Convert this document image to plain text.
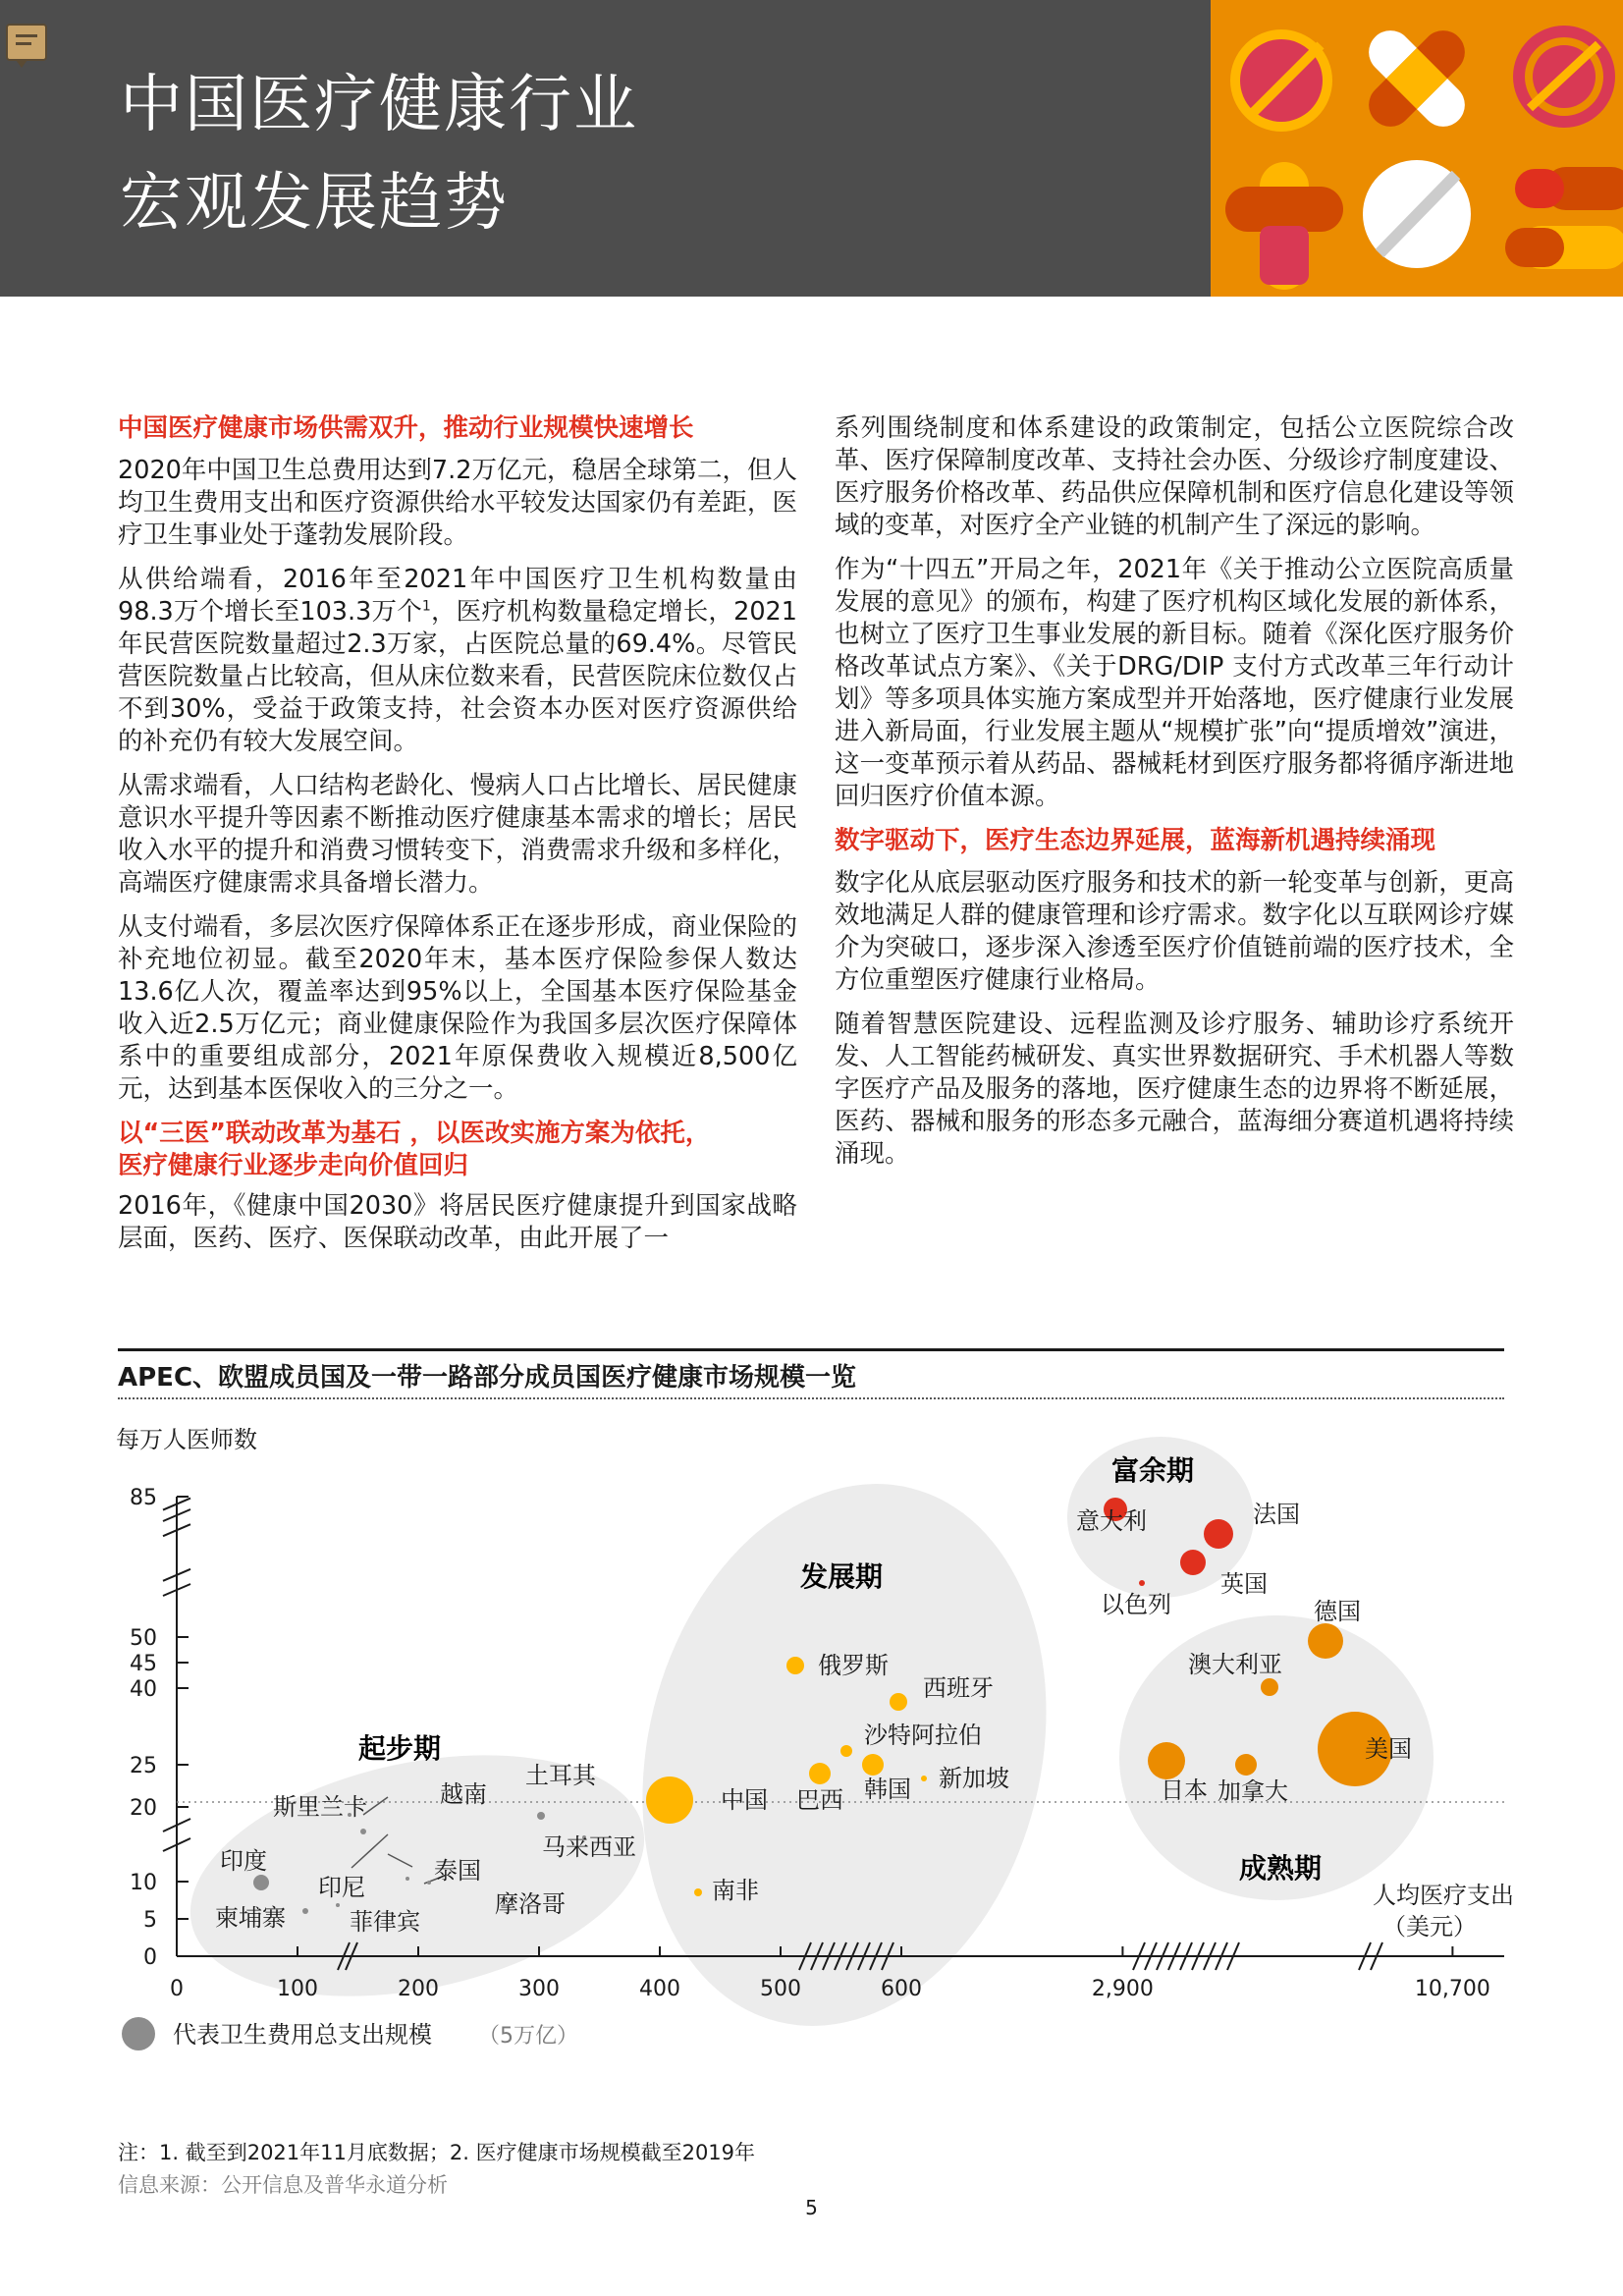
中国医疗健康行业
宏观发展趋势
中国医疗健康市场供需双升，推动行业规模快速增长

2020年中国卫生总费用达到7.2万亿元，稳居全球第二，但人均卫生费用支出和医疗资源供给水平较发达国家仍有差距，医疗卫生事业处于蓬勃发展阶段。

从供给端看，2016年至2021年中国医疗卫生机构数量由98.3万个增长至103.3万个$^1$，医疗机构数量稳定增长，2021年民营医院数量超过2.3万家，占医院总量的69.4%。尽管民营医院数量占比较高，但从床位数来看，民营医院床位数仅占不到30%，受益于政策支持，社会资本办医对医疗资源供给的补充仍有较大发展空间。

从需求端看，人口结构老龄化、慢病人口占比增长、居民健康意识水平提升等因素不断推动医疗健康基本需求的增长；居民收入水平的提升和消费习惯转变下，消费需求升级和多样化，高端医疗健康需求具备增长潜力。

从支付端看，多层次医疗保障体系正在逐步形成，商业保险的补充地位初显。截至2020年末，基本医疗保险参保人数达13.6亿人次，覆盖率达到95%以上，全国基本医疗保险基金收入近2.5万亿元；商业健康保险作为我国多层次医疗保障体系中的重要组成部分，2021年原保费收入规模近8,500亿元，达到基本医保收入的三分之一。

以“三医”联动改革为基石 ，以医改实施方案为依托，
医疗健康行业逐步走向价值回归

2016年，《健康中国2030》将居民医疗健康提升到国家战略层面，医药、医疗、医保联动改革，由此开展了一

系列围绕制度和体系建设的政策制定，包括公立医院综合改革、医疗保障制度改革、支持社会办医、分级诊疗制度建设、医疗服务价格改革、药品供应保障机制和医疗信息化建设等领域的变革，对医疗全产业链的机制产生了深远的影响。

作为“十四五”开局之年，2021年《关于推动公立医院高质量发展的意见》的颁布，构建了医疗机构区域化发展的新体系，也树立了医疗卫生事业发展的新目标。随着《深化医疗服务价格改革试点方案》、《关于DRG/DIP 支付方式改革三年行动计划》等多项具体实施方案成型并开始落地，医疗健康行业发展进入新局面，行业发展主题从“规模扩张”向“提质增效”演进，这一变革预示着从药品、器械耗材到医疗服务都将循序渐进地回归医疗价值本源。

数字驱动下，医疗生态边界延展，蓝海新机遇持续涌现

数字化从底层驱动医疗服务和技术的新一轮变革与创新，更高效地满足人群的健康管理和诊疗需求。数字化以互联网诊疗媒介为突破口，逐步深入渗透至医疗价值链前端的医疗技术，全方位重塑医疗健康行业格局。

随着智慧医院建设、远程监测及诊疗服务、辅助诊疗系统开发、人工智能药械研发、真实世界数据研究、手术机器人等数字医疗产品及服务的落地，医疗健康生态的边界将不断延展，医药、器械和服务的形态多元融合，蓝海细分赛道机遇将持续涌现。

APEC、欧盟成员国及一带一路部分成员国医疗健康市场规模一览
每万人医师数
人均医疗支出
（美元）
0
5
10
20
25
40
45
50
85
0	100	200	300	400	500	600	2,900	10,700
起步期
发展期
富余期
成熟期
印度
柬埔寨
斯里兰卡
印尼
菲律宾
越南
泰国
摩洛哥
土耳其
马来西亚
中国
南非
俄罗斯
巴西
沙特阿拉伯
韩国
西班牙
新加坡
意大利	法国
英国
以色列	德国
澳大利亚
美国
日本 加拿大
代表卫生费用总支出规模 （5万亿）
注：1. 截至到2021年11月底数据；2. 医疗健康市场规模截至2019年
信息来源：公开信息及普华永道分析
5
